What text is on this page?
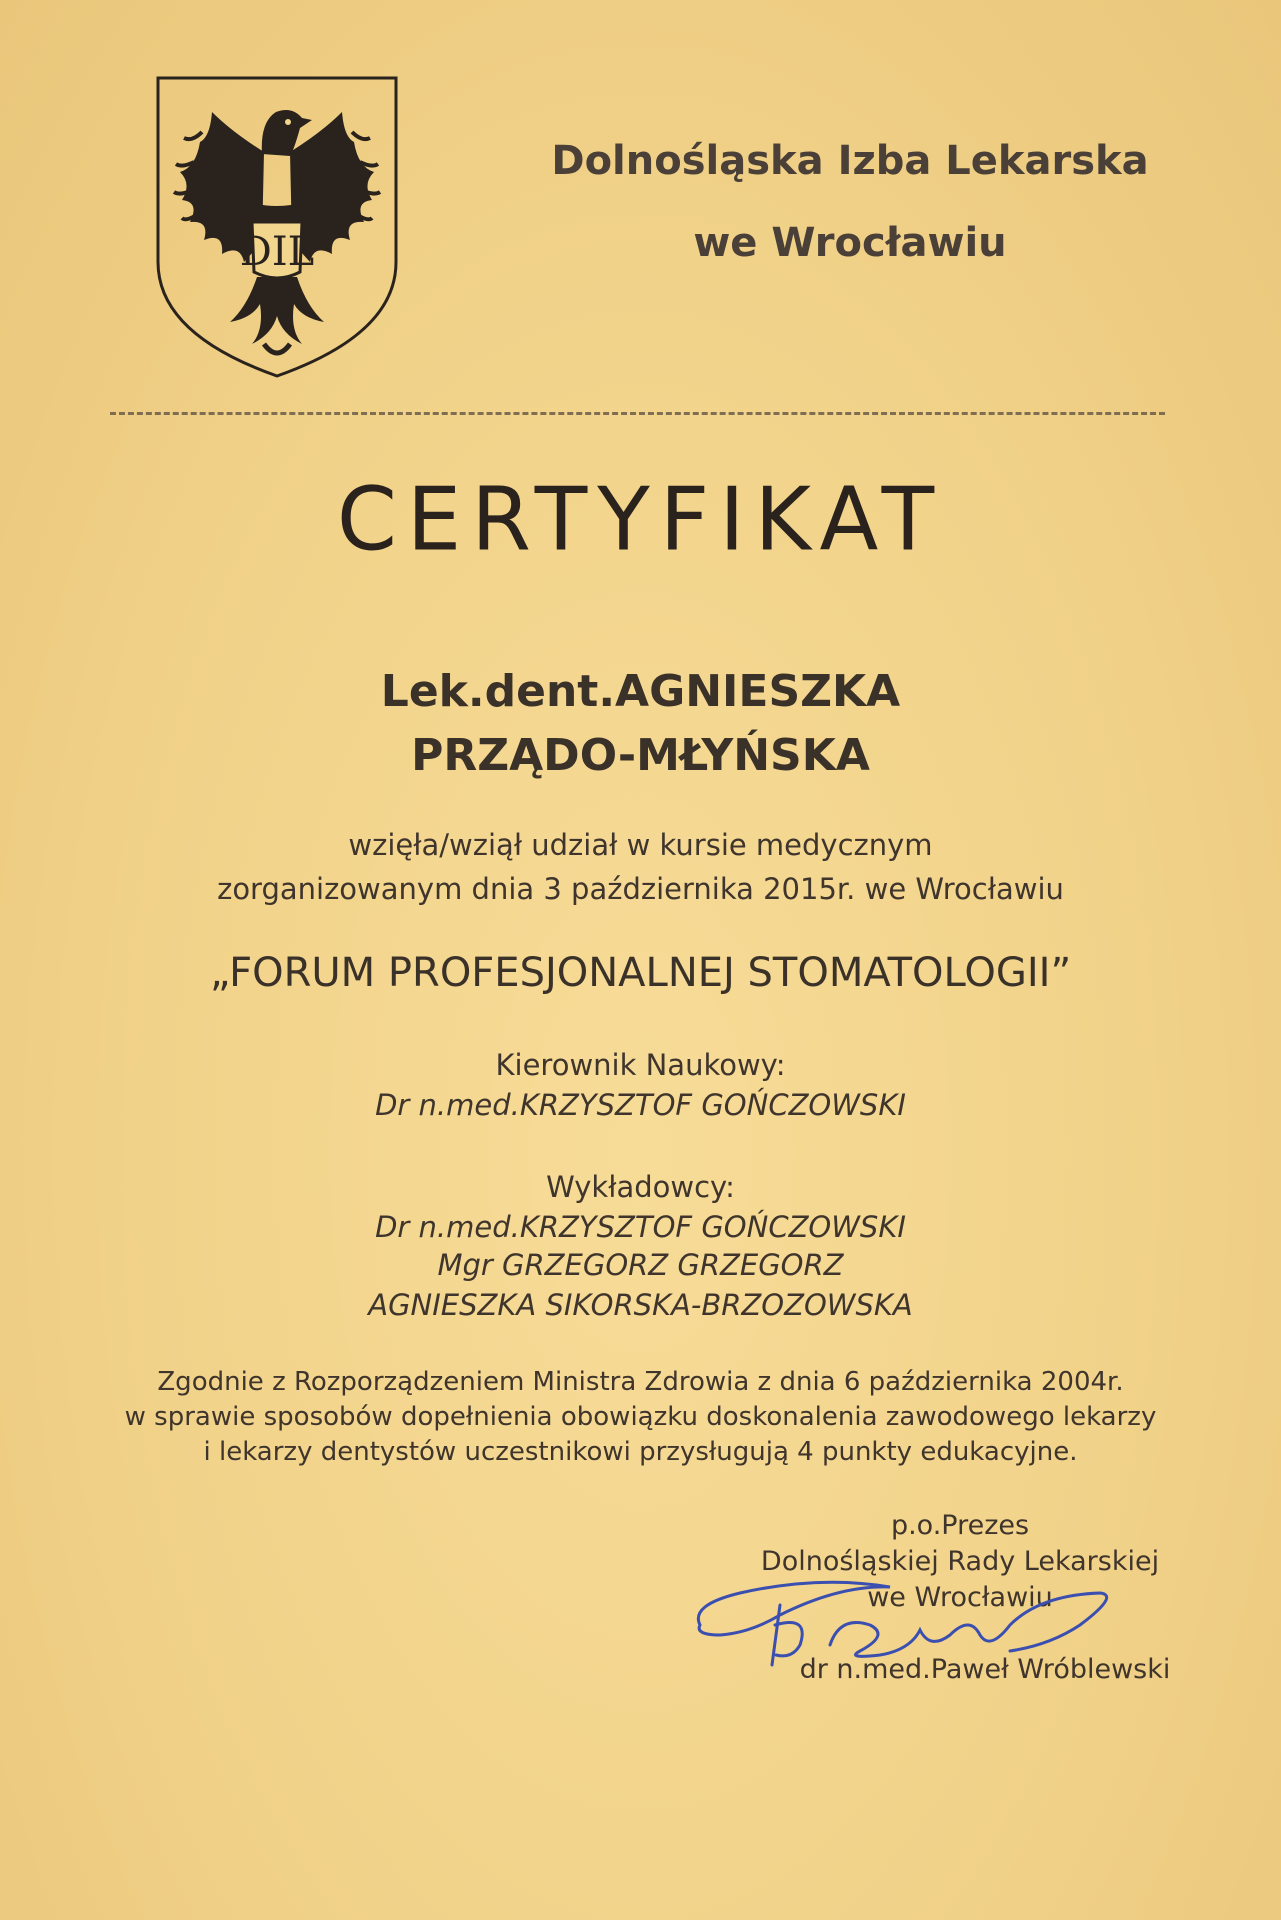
DIL
Dolnośląska Izba Lekarska
we Wrocławiu
CERTYFIKAT
Lek.dent.AGNIESZKA
PRZĄDO-MŁYŃSKA
wzięła/wziął udział w kursie medycznym
zorganizowanym dnia 3 października 2015r. we Wrocławiu
„FORUM PROFESJONALNEJ STOMATOLOGII”
Kierownik Naukowy:
Dr n.med.KRZYSZTOF GOŃCZOWSKI
Wykładowcy:
Dr n.med.KRZYSZTOF GOŃCZOWSKI
Mgr GRZEGORZ GRZEGORZ
AGNIESZKA SIKORSKA-BRZOZOWSKA
Zgodnie z Rozporządzeniem Ministra Zdrowia z dnia 6 października 2004r.
w sprawie sposobów dopełnienia obowiązku doskonalenia zawodowego lekarzy
i lekarzy dentystów uczestnikowi przysługują 4 punkty edukacyjne.
p.o.Prezes
Dolnośląskiej Rady Lekarskiej
we Wrocławiu
dr n.med.Paweł Wróblewski
